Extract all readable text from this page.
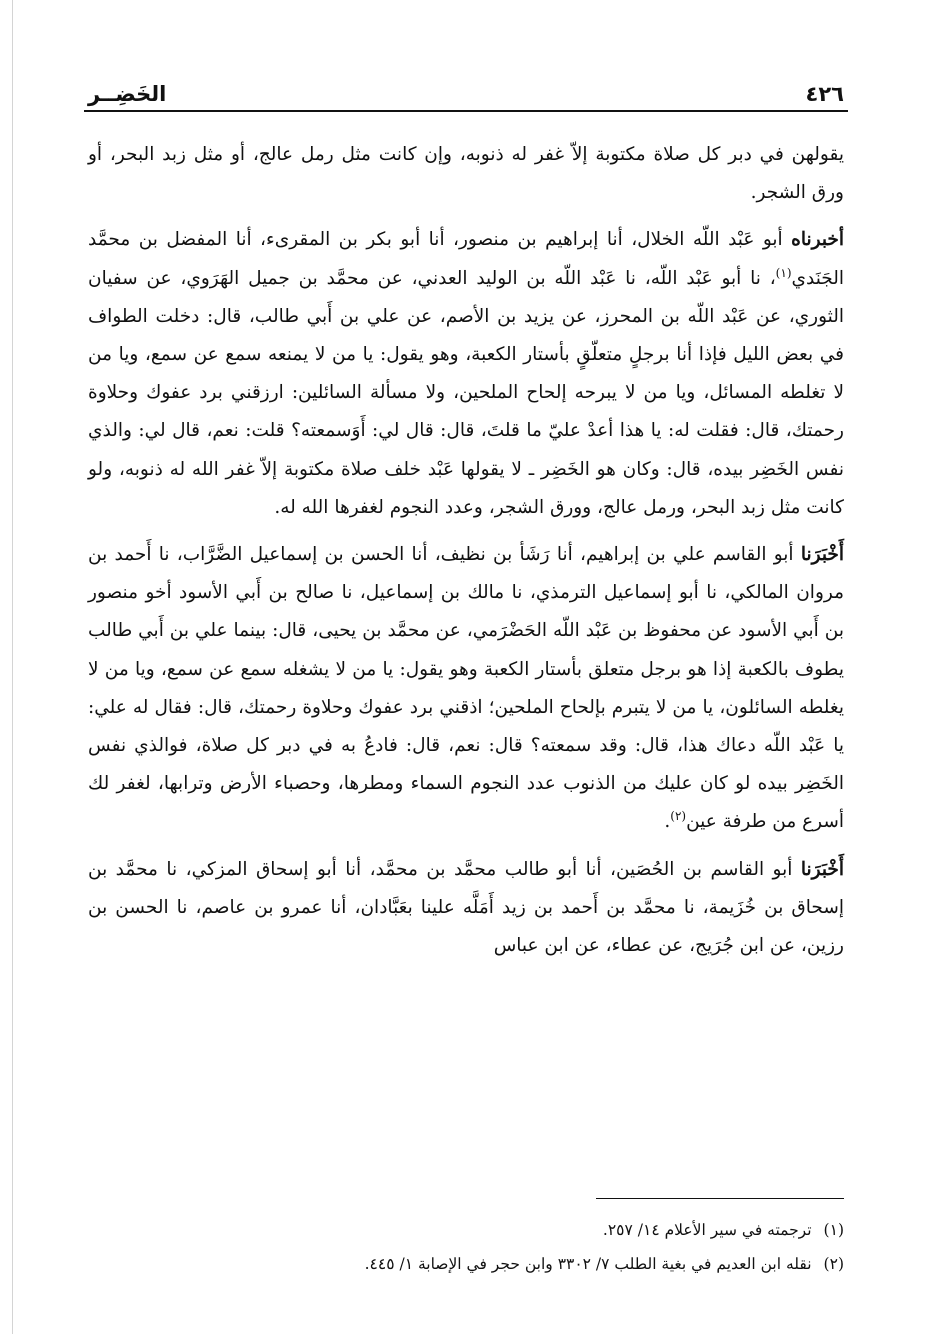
٤٢٦
الخَضِــر

يقولهن في دبر كل صلاة مكتوبة إلاّ غفر له ذنوبه، وإن كانت مثل رمل عالج، أو مثل زبد البحر، أو ورق الشجر.

أخبرناه أبو عَبْد اللّه الخلال، أنا إبراهيم بن منصور، أنا أبو بكر بن المقرىء، أنا المفضل بن محمَّد الجَنَدي$^{(١)}$، نا أبو عَبْد اللّه، نا عَبْد اللّه بن الوليد العدني، عن محمَّد بن جميل الهَرَوي، عن سفيان الثوري، عن عَبْد اللّه بن المحرز، عن يزيد بن الأصم، عن علي بن أَبي طالب، قال: دخلت الطواف في بعض الليل فإذا أنا برجلٍ متعلّقٍ بأستار الكعبة، وهو يقول: يا من لا يمنعه سمع عن سمع، ويا من لا تغلطه المسائل، ويا من لا يبرحه إلحاح الملحين، ولا مسألة السائلين: ارزقني برد عفوك وحلاوة رحمتك، قال: فقلت له: يا هذا أعدْ عليّ ما قلتَ، قال: قال لي: أَوَسمعته؟ قلت: نعم، قال لي: والذي نفس الخَضِر بيده، قال: وكان هو الخَضِر ـ لا يقولها عَبْد خلف صلاة مكتوبة إلاّ غفر الله له ذنوبه، ولو كانت مثل زبد البحر، ورمل عالج، وورق الشجر، وعدد النجوم لغفرها الله له.

أَخْبَرَنا أبو القاسم علي بن إبراهيم، أنا رَشَأ بن نظيف، أنا الحسن بن إسماعيل الضَّرَّاب، نا أَحمد بن مروان المالكي، نا أبو إسماعيل الترمذي، نا مالك بن إسماعيل، نا صالح بن أَبي الأسود أخو منصور بن أَبي الأسود عن محفوظ بن عَبْد اللّه الحَضْرَمي، عن محمَّد بن يحيى، قال: بينما علي بن أَبي طالب يطوف بالكعبة إذا هو برجل متعلق بأستار الكعبة وهو يقول: يا من لا يشغله سمع عن سمع، ويا من لا يغلطه السائلون، يا من لا يتبرم بإلحاح الملحين؛ اذقني برد عفوك وحلاوة رحمتك، قال: فقال له علي: يا عَبْد اللّه دعاك هذا، قال: وقد سمعته؟ قال: نعم، قال: فادعُ به في دبر كل صلاة، فوالذي نفس الخَضِر بيده لو كان عليك من الذنوب عدد النجوم السماء ومطرها، وحصباء الأرض وترابها، لغفر لك أسرع من طرفة عين$^{(٢)}$.

أَخْبَرَنا أبو القاسم بن الحُصَين، أنا أبو طالب محمَّد بن محمَّد، أنا أبو إسحاق المزكي، نا محمَّد بن إسحاق بن خُزَيمة، نا محمَّد بن أَحمد بن زيد أَمَلَّه علينا بعَبَّادان، أنا عمرو بن عاصم، نا الحسن بن رزين، عن ابن جُرَيج، عن عطاء، عن ابن عباس

(١)ترجمته في سير الأعلام ١٤/ ٢٥٧.

(٢)نقله ابن العديم في بغية الطلب ٧/ ٣٣٠٢ وابن حجر في الإصابة ١/ ٤٤٥.
